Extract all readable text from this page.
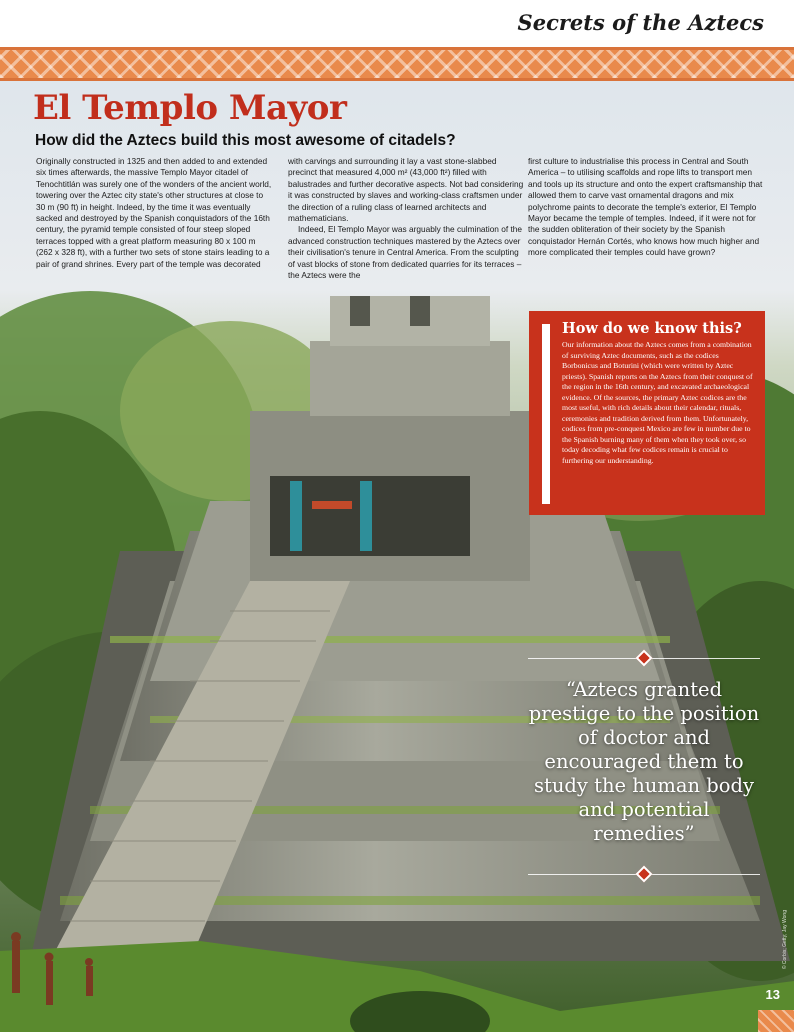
Secrets of the Aztecs
El Templo Mayor
How did the Aztecs build this most awesome of citadels?

Originally constructed in 1325 and then added to and extended six times afterwards, the massive Templo Mayor citadel of Tenochtitlán was surely one of the wonders of the ancient world, towering over the Aztec city state's other structures at close to 30 m (90 ft) in height. Indeed, by the time it was eventually sacked and destroyed by the Spanish conquistadors of the 16th century, the pyramid temple consisted of four steep sloped terraces topped with a great platform measuring 80 x 100 m (262 x 328 ft), with a further two sets of stone stairs leading to a pair of grand shrines. Every part of the temple was decorated

with carvings and surrounding it lay a vast stone-slabbed precinct that measured 4,000 m² (43,000 ft²) filled with balustrades and further decorative aspects. Not bad considering it was constructed by slaves and working-class craftsmen under the direction of a ruling class of learned architects and mathematicians.

Indeed, El Templo Mayor was arguably the culmination of the advanced construction techniques mastered by the Aztecs over their civilisation's tenure in Central America. From the sculpting of vast blocks of stone from dedicated quarries for its terraces – the Aztecs were the

first culture to industrialise this process in Central and South America – to utilising scaffolds and rope lifts to transport men and tools up its structure and onto the expert craftsmanship that allowed them to carve vast ornamental dragons and mix polychrome paints to decorate the temple's exterior, El Templo Mayor became the temple of temples. Indeed, if it were not for the sudden obliteration of their society by the Spanish conquistador Hernán Cortés, who knows how much higher and more complicated their temples could have grown?

How do we know this?

Our information about the Aztecs comes from a combination of surviving Aztec documents, such as the codices Borbonicus and Boturini (which were written by Aztec priests). Spanish reports on the Aztecs from their conquest of the region in the 16th century, and excavated archaeological evidence. Of the sources, the primary Aztec codices are the most useful, with rich details about their calendar, rituals, ceremonies and tradition derived from them. Unfortunately, codices from pre-conquest Mexico are few in number due to the Spanish burning many of them when they took over, so today decoding what few codices remain is crucial to furthering our understanding.

“Aztecs granted prestige to the position of doctor and encouraged them to study the human body and potential remedies”
© Corbis; Getty; Jay Wong
13
